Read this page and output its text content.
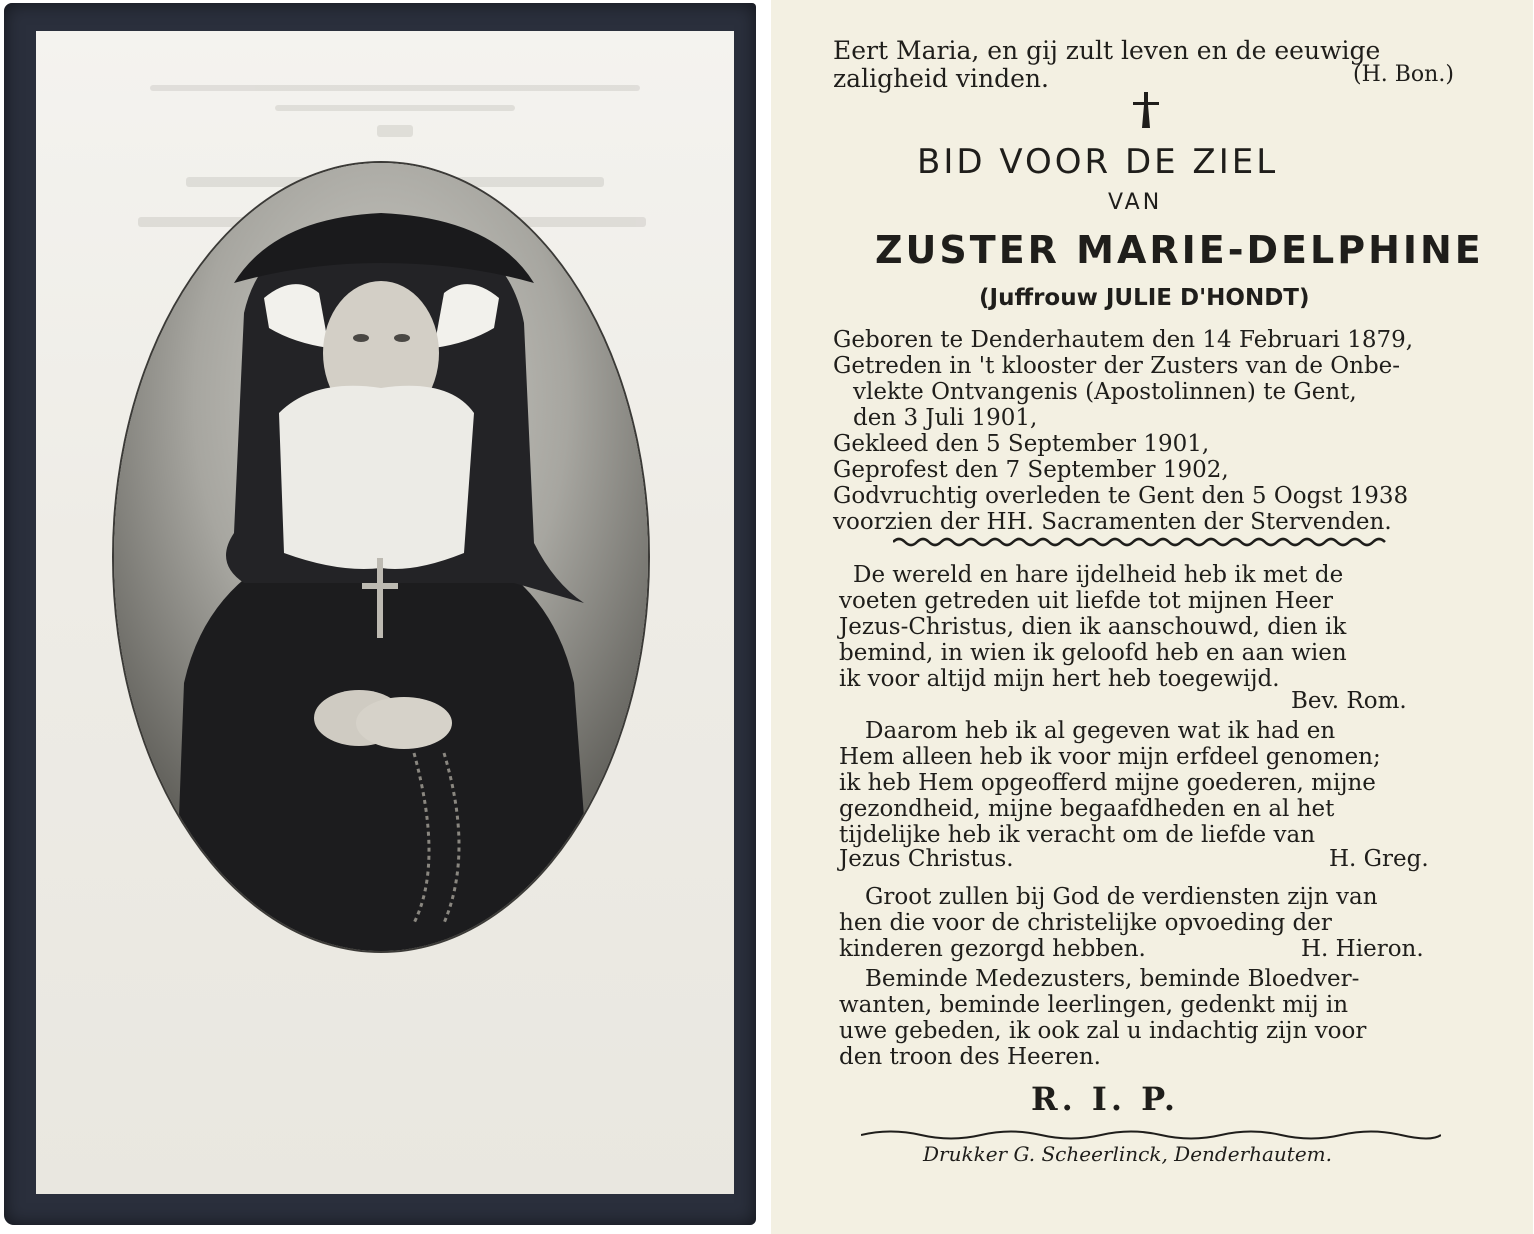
Eert Maria, en gij zult leven en de eeuwige
zaligheid vinden.	(H. Bon.)
BID VOOR DE ZIEL
VAN
ZUSTER MARIE-DELPHINE
(Juffrouw JULIE D'HONDT)
Geboren te Denderhautem den 14 Februari 1879,
Getreden in 't klooster der Zusters van de Onbe-
vlekte Ontvangenis (Apostolinnen) te Gent,
den 3 Juli 1901,
Gekleed den 5 September 1901,
Geprofest den 7 September 1902,
Godvruchtig overleden te Gent den 5 Oogst 1938
voorzien der HH. Sacramenten der Stervenden.
De wereld en hare ijdelheid heb ik met de
voeten getreden uit liefde tot mijnen Heer
Jezus-Christus, dien ik aanschouwd, dien ik
bemind, in wien ik geloofd heb en aan wien
ik voor altijd mijn hert heb toegewijd.
Bev. Rom.
Daarom heb ik al gegeven wat ik had en
Hem alleen heb ik voor mijn erfdeel genomen;
ik heb Hem opgeofferd mijne goederen, mijne
gezondheid, mijne begaafdheden en al het
tijdelijke heb ik veracht om de liefde van
Jezus Christus.	H. Greg.
Groot zullen bij God de verdiensten zijn van
hen die voor de christelijke opvoeding der
kinderen gezorgd hebben.	H. Hieron.
Beminde Medezusters, beminde Bloedver-
wanten, beminde leerlingen, gedenkt mij in
uwe gebeden, ik ook zal u indachtig zijn voor
den troon des Heeren.
R. I. P.
Drukker G. Scheerlinck, Denderhautem.
